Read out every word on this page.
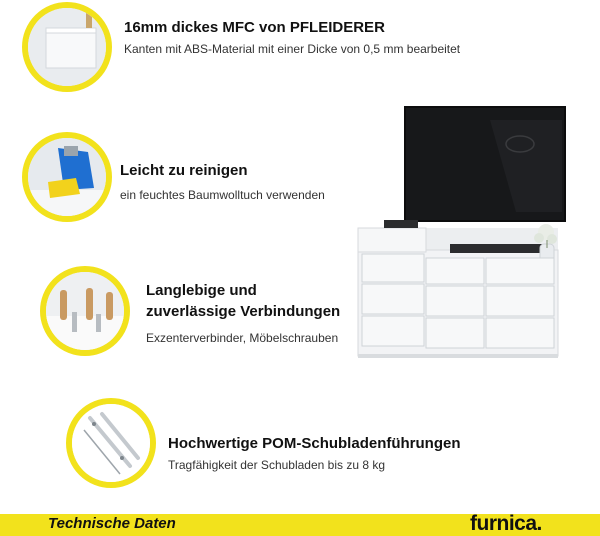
16mm dickes MFC von PFLEIDERER
Kanten mit ABS-Material mit einer Dicke von 0,5 mm bearbeitet
Leicht zu reinigen
ein feuchtes Baumwolltuch verwenden
Langlebige und
zuverlässige Verbindungen
Exzenterverbinder, Möbelschrauben
Hochwertige POM-Schubladenführungen
Tragfähigkeit der Schubladen bis zu 8 kg
Technische Daten	furnica.
